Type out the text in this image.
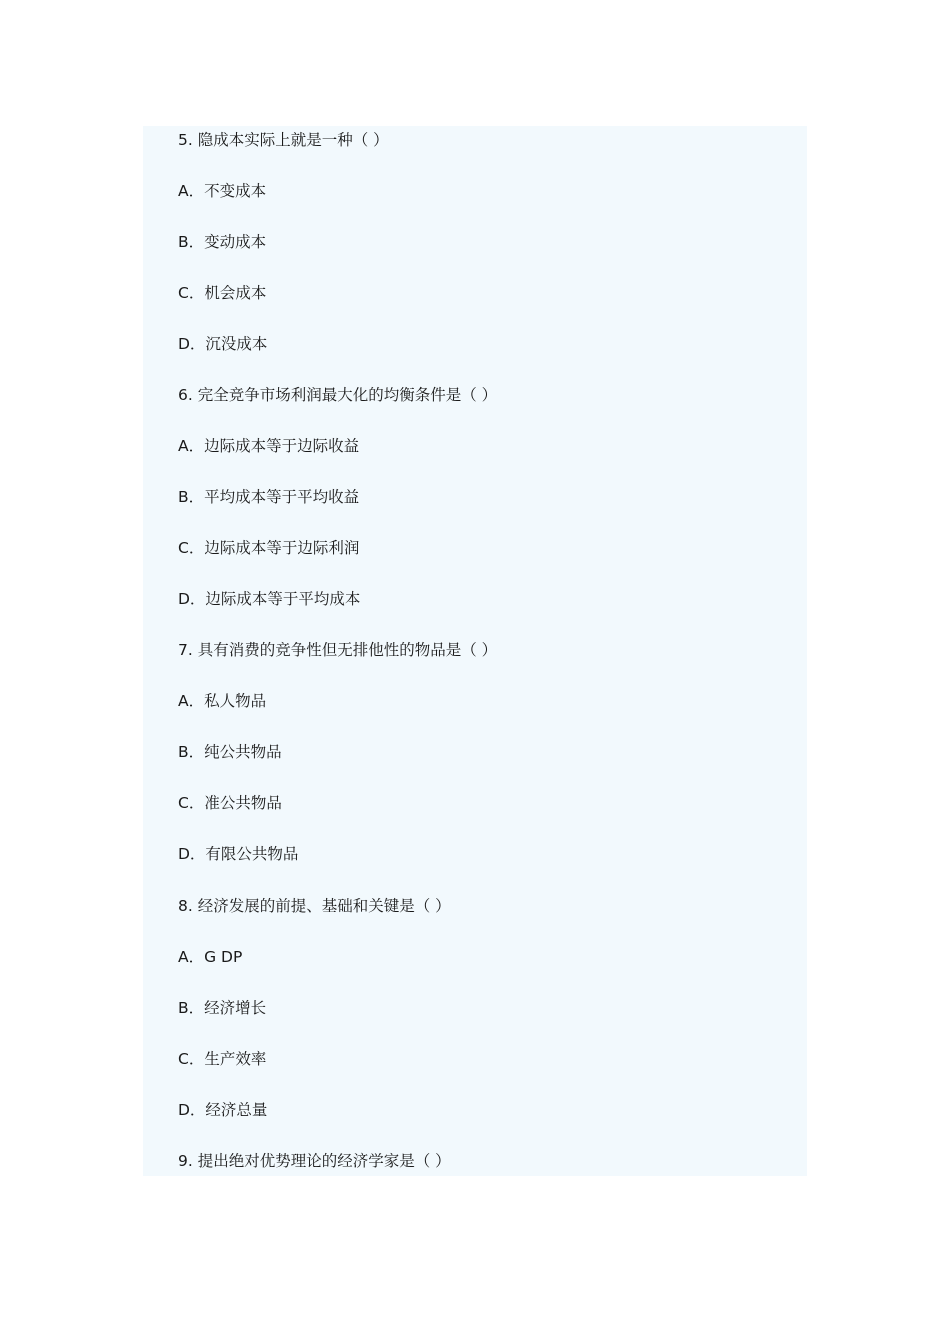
5. 隐成本实际上就是一种（ ）
A．不变成本
B．变动成本
C．机会成本
D．沉没成本
6. 完全竞争市场利润最大化的均衡条件是（ ）
A．边际成本等于边际收益
B．平均成本等于平均收益
C．边际成本等于边际利润
D．边际成本等于平均成本
7. 具有消费的竞争性但无排他性的物品是（ ）
A．私人物品
B．纯公共物品
C．准公共物品
D．有限公共物品
8. 经济发展的前提、基础和关键是（ ）
A．G DP
B．经济增长
C．生产效率
D．经济总量
9. 提出绝对优势理论的经济学家是（ ）
